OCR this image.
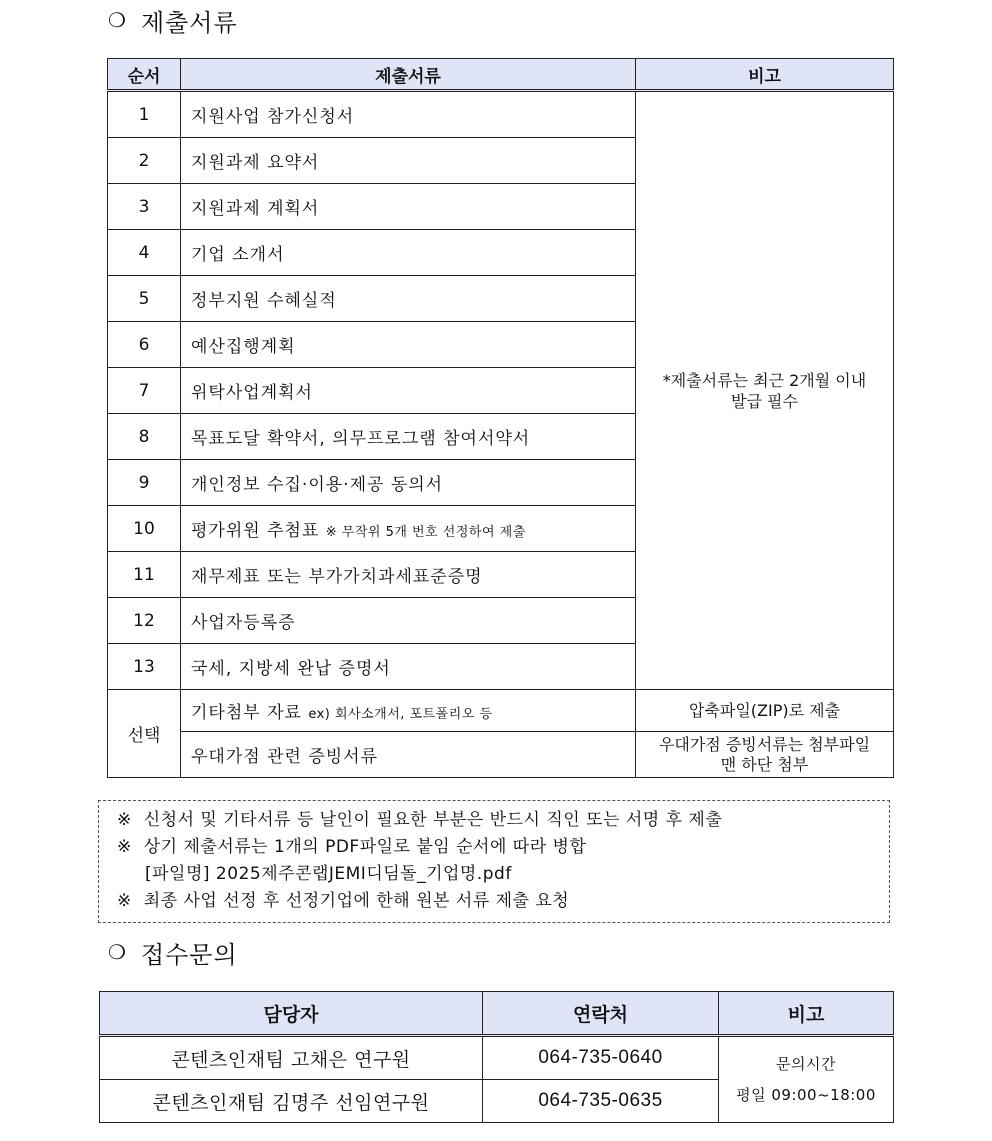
❍ 제출서류
순서	제출서류	비고
1	지원사업 참가신청서	*제출서류는 최근 2개월 이내
발급 필수

2	지원과제 요약서	
3	지원과제 계획서	
4	기업 소개서	
5	정부지원 수혜실적	
6	예산집행계획	
7	위탁사업계획서	
8	목표도달 확약서, 의무프로그램 참여서약서	
9	개인정보 수집·이용·제공 동의서	
10	평가위원 추첨표 ※ 무작위 5개 번호 선정하여 제출	
11	재무제표 또는 부가가치과세표준증명	
12	사업자등록증	
13	국세, 지방세 완납 증명서	
선택	기타첨부 자료 ex) 회사소개서, 포트폴리오 등	압축파일(ZIP)로 제출
	우대가점 관련 증빙서류	우대가점 증빙서류는 첨부파일
맨 하단 첨부
※ 신청서 및 기타서류 등 날인이 필요한 부분은 반드시 직인 또는 서명 후 제출
※ 상기 제출서류는 1개의 PDF파일로 붙임 순서에 따라 병합
[파일명] 2025제주콘랩JEMI디딤돌_기업명.pdf
※ 최종 사업 선정 후 선정기업에 한해 원본 서류 제출 요청
❍ 접수문의
담당자	연락처	비고
콘텐츠인재팀 고채은 연구원	064-735-0640	문의시간
평일 09:00~18:00

콘텐츠인재팀 김명주 선임연구원	064-735-0635	
